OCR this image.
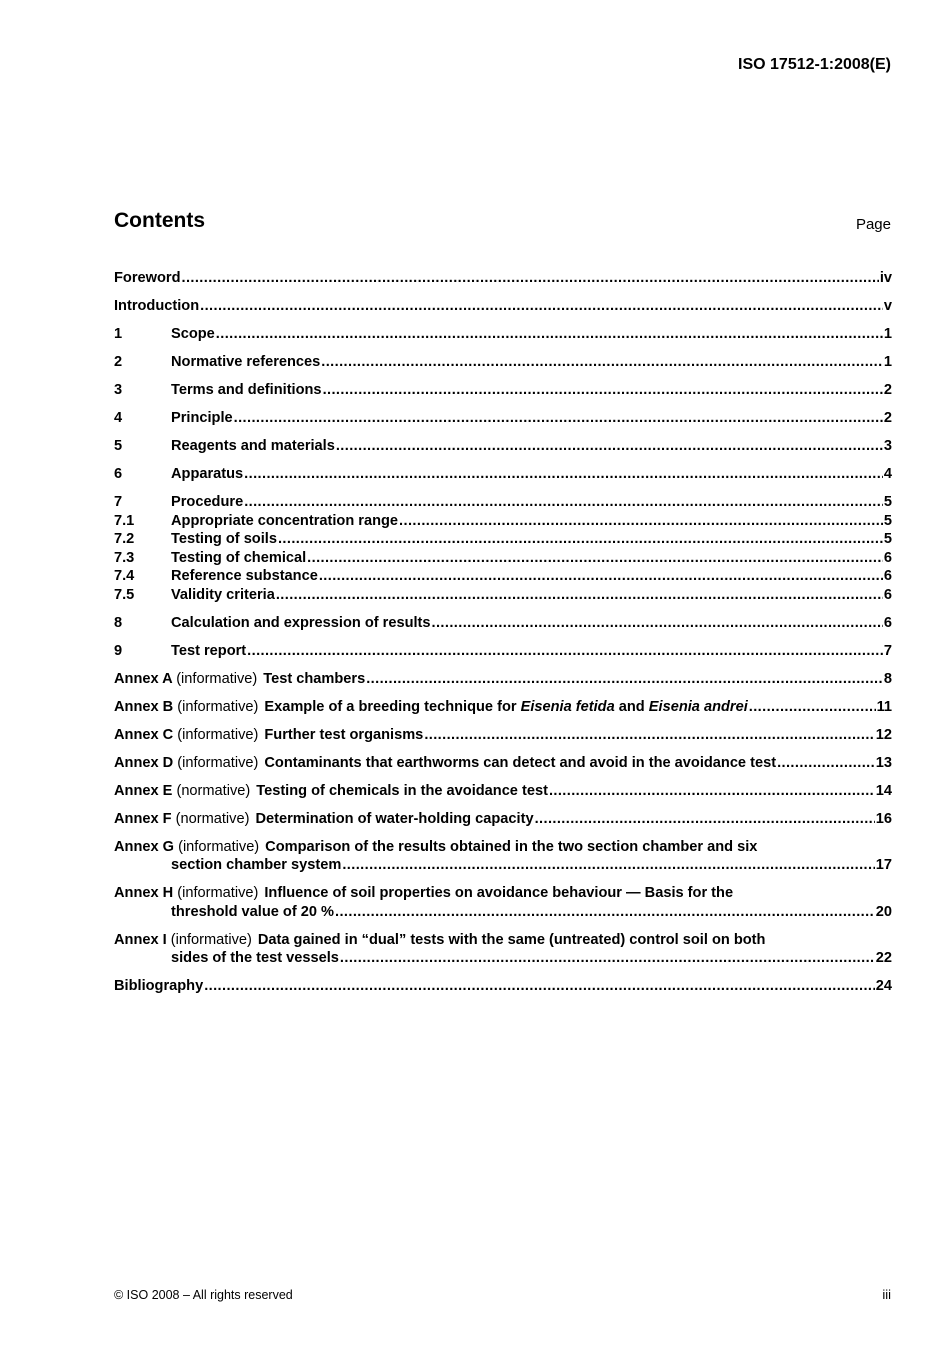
ISO 17512-1:2008(E)
Contents	Page
Foreword .....	iv
Introduction .....	v
1	Scope .....	1
2	Normative references .....	1
3	Terms and definitions .....	2
4	Principle .....	2
5	Reagents and materials .....	3
6	Apparatus .....	4
7	Procedure .....	5
7.1	Appropriate concentration range .....	5
7.2	Testing of soils .....	5
7.3	Testing of chemical .....	6
7.4	Reference substance .....	6
7.5	Validity criteria .....	6
8	Calculation and expression of results .....	6
9	Test report .....	7
Annex A (informative) Test chambers .....	8
Annex B (informative) Example of a breeding technique for Eisenia fetida and Eisenia andrei .....	11
Annex C (informative) Further test organisms .....	12
Annex D (informative) Contaminants that earthworms can detect and avoid in the avoidance test .....	13
Annex E (normative) Testing of chemicals in the avoidance test .....	14
Annex F (normative) Determination of water-holding capacity .....	16
Annex G (informative) Comparison of the results obtained in the two section chamber and six
section chamber system .....	17
Annex H (informative) Influence of soil properties on avoidance behaviour — Basis for the
threshold value of 20 % .....	20
Annex I (informative) Data gained in “dual” tests with the same (untreated) control soil on both
sides of the test vessels .....	22
Bibliography .....	24
© ISO 2008 – All rights reserved	iii
